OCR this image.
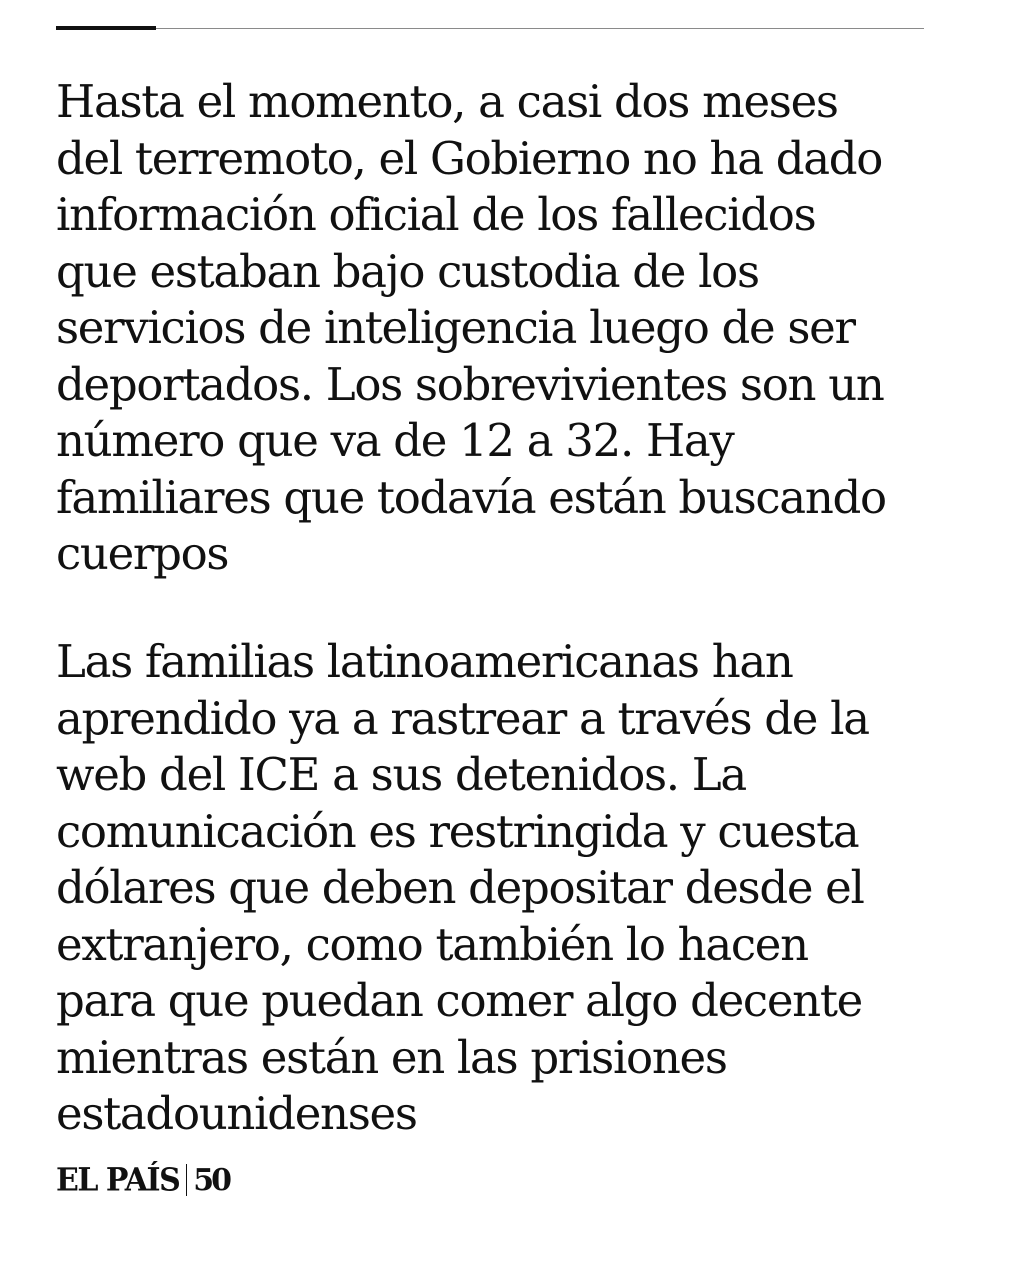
Hasta el momento, a casi dos meses
del terremoto, el Gobierno no ha dado
información oficial de los fallecidos
que estaban bajo custodia de los
servicios de inteligencia luego de ser
deportados. Los sobrevivientes son un
número que va de 12 a 32. Hay
familiares que todavía están buscando
cuerpos

Las familias latinoamericanas han
aprendido ya a rastrear a través de la
web del ICE a sus detenidos. La
comunicación es restringida y cuesta
dólares que deben depositar desde el
extranjero, como también lo hacen
para que puedan comer algo decente
mientras están en las prisiones
estadounidenses

EL PAÍS 50
